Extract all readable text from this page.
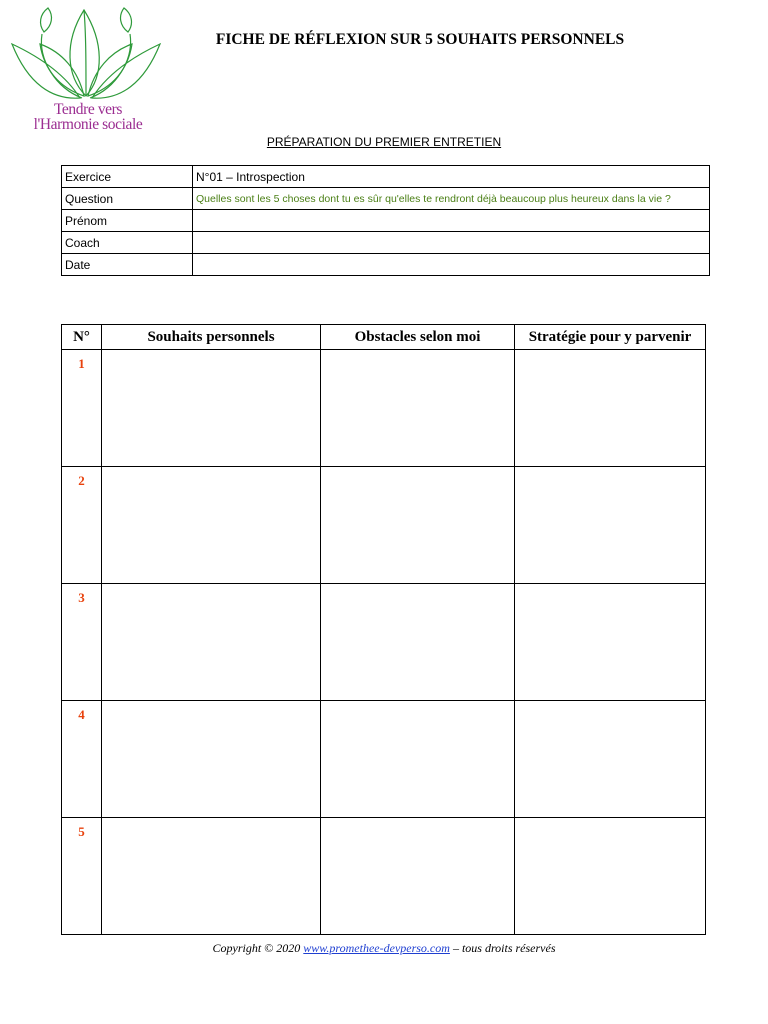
Tendre vers
l'Harmonie sociale
FICHE DE RÉFLEXION SUR 5 SOUHAITS PERSONNELS
PRÉPARATION DU PREMIER ENTRETIEN
Exercice	N°01 – Introspection
Question	Quelles sont les 5 choses dont tu es sûr qu'elles te rendront déjà beaucoup plus heureux dans la vie ?
Prénom	
Coach	
Date	
N°	Souhaits personnels	Obstacles selon moi	Stratégie pour y parvenir
1			
2			
3			
4			
5			
Copyright © 2020 www.promethee-devperso.com – tous droits réservés
